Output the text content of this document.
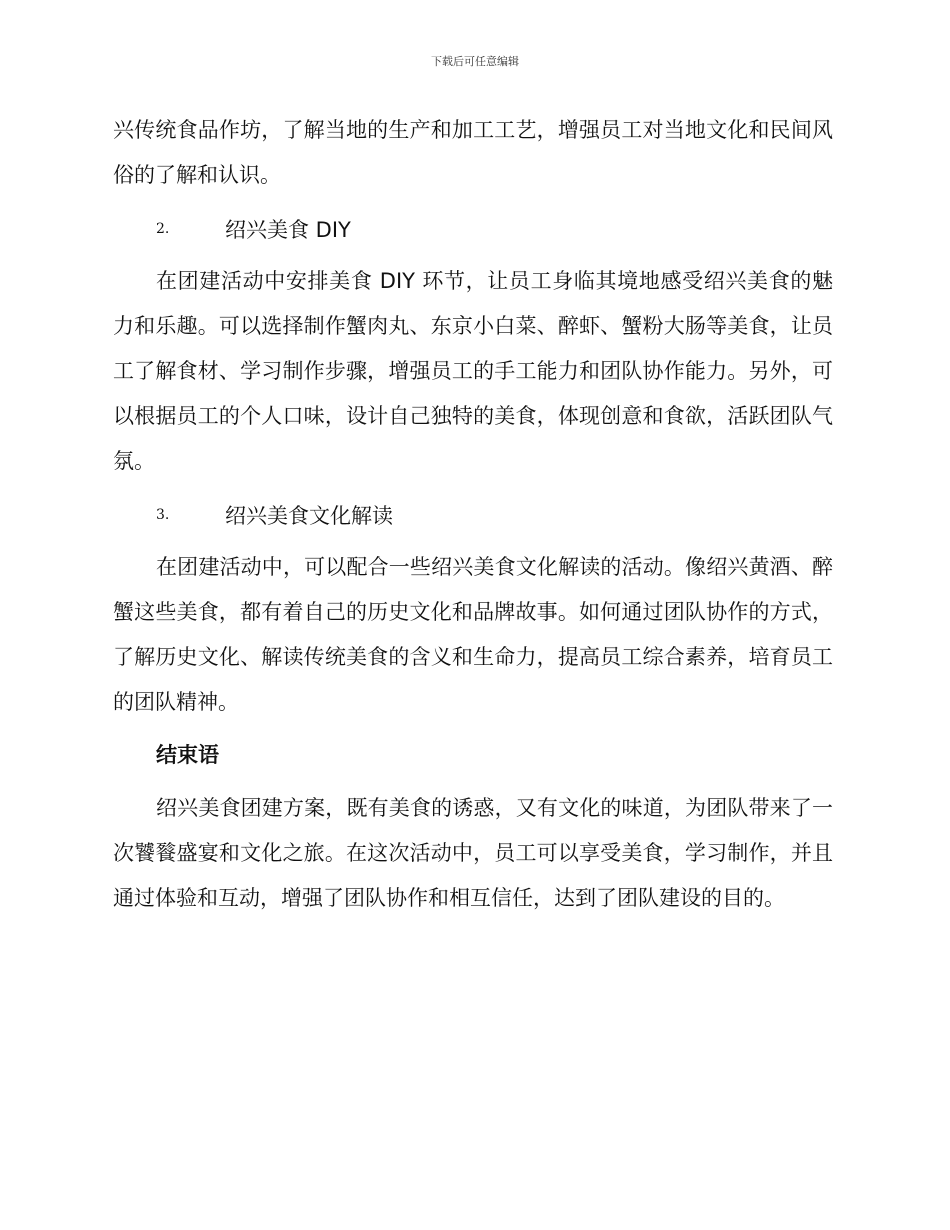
下载后可任意编辑

兴传统食品作坊，了解当地的生产和加工工艺，增强员工对当地文化和民间风俗的了解和认识。

2.	绍兴美食 DIY

在团建活动中安排美食 DIY 环节，让员工身临其境地感受绍兴美食的魅力和乐趣。可以选择制作蟹肉丸、东京小白菜、醉虾、蟹粉大肠等美食，让员工了解食材、学习制作步骤，增强员工的手工能力和团队协作能力。另外，可以根据员工的个人口味，设计自己独特的美食，体现创意和食欲，活跃团队气氛。

3.	绍兴美食文化解读

在团建活动中，可以配合一些绍兴美食文化解读的活动。像绍兴黄酒、醉蟹这些美食，都有着自己的历史文化和品牌故事。如何通过团队协作的方式，了解历史文化、解读传统美食的含义和生命力，提高员工综合素养，培育员工的团队精神。

结束语

绍兴美食团建方案，既有美食的诱惑，又有文化的味道，为团队带来了一次饕餮盛宴和文化之旅。在这次活动中，员工可以享受美食，学习制作，并且通过体验和互动，增强了团队协作和相互信任，达到了团队建设的目的。
